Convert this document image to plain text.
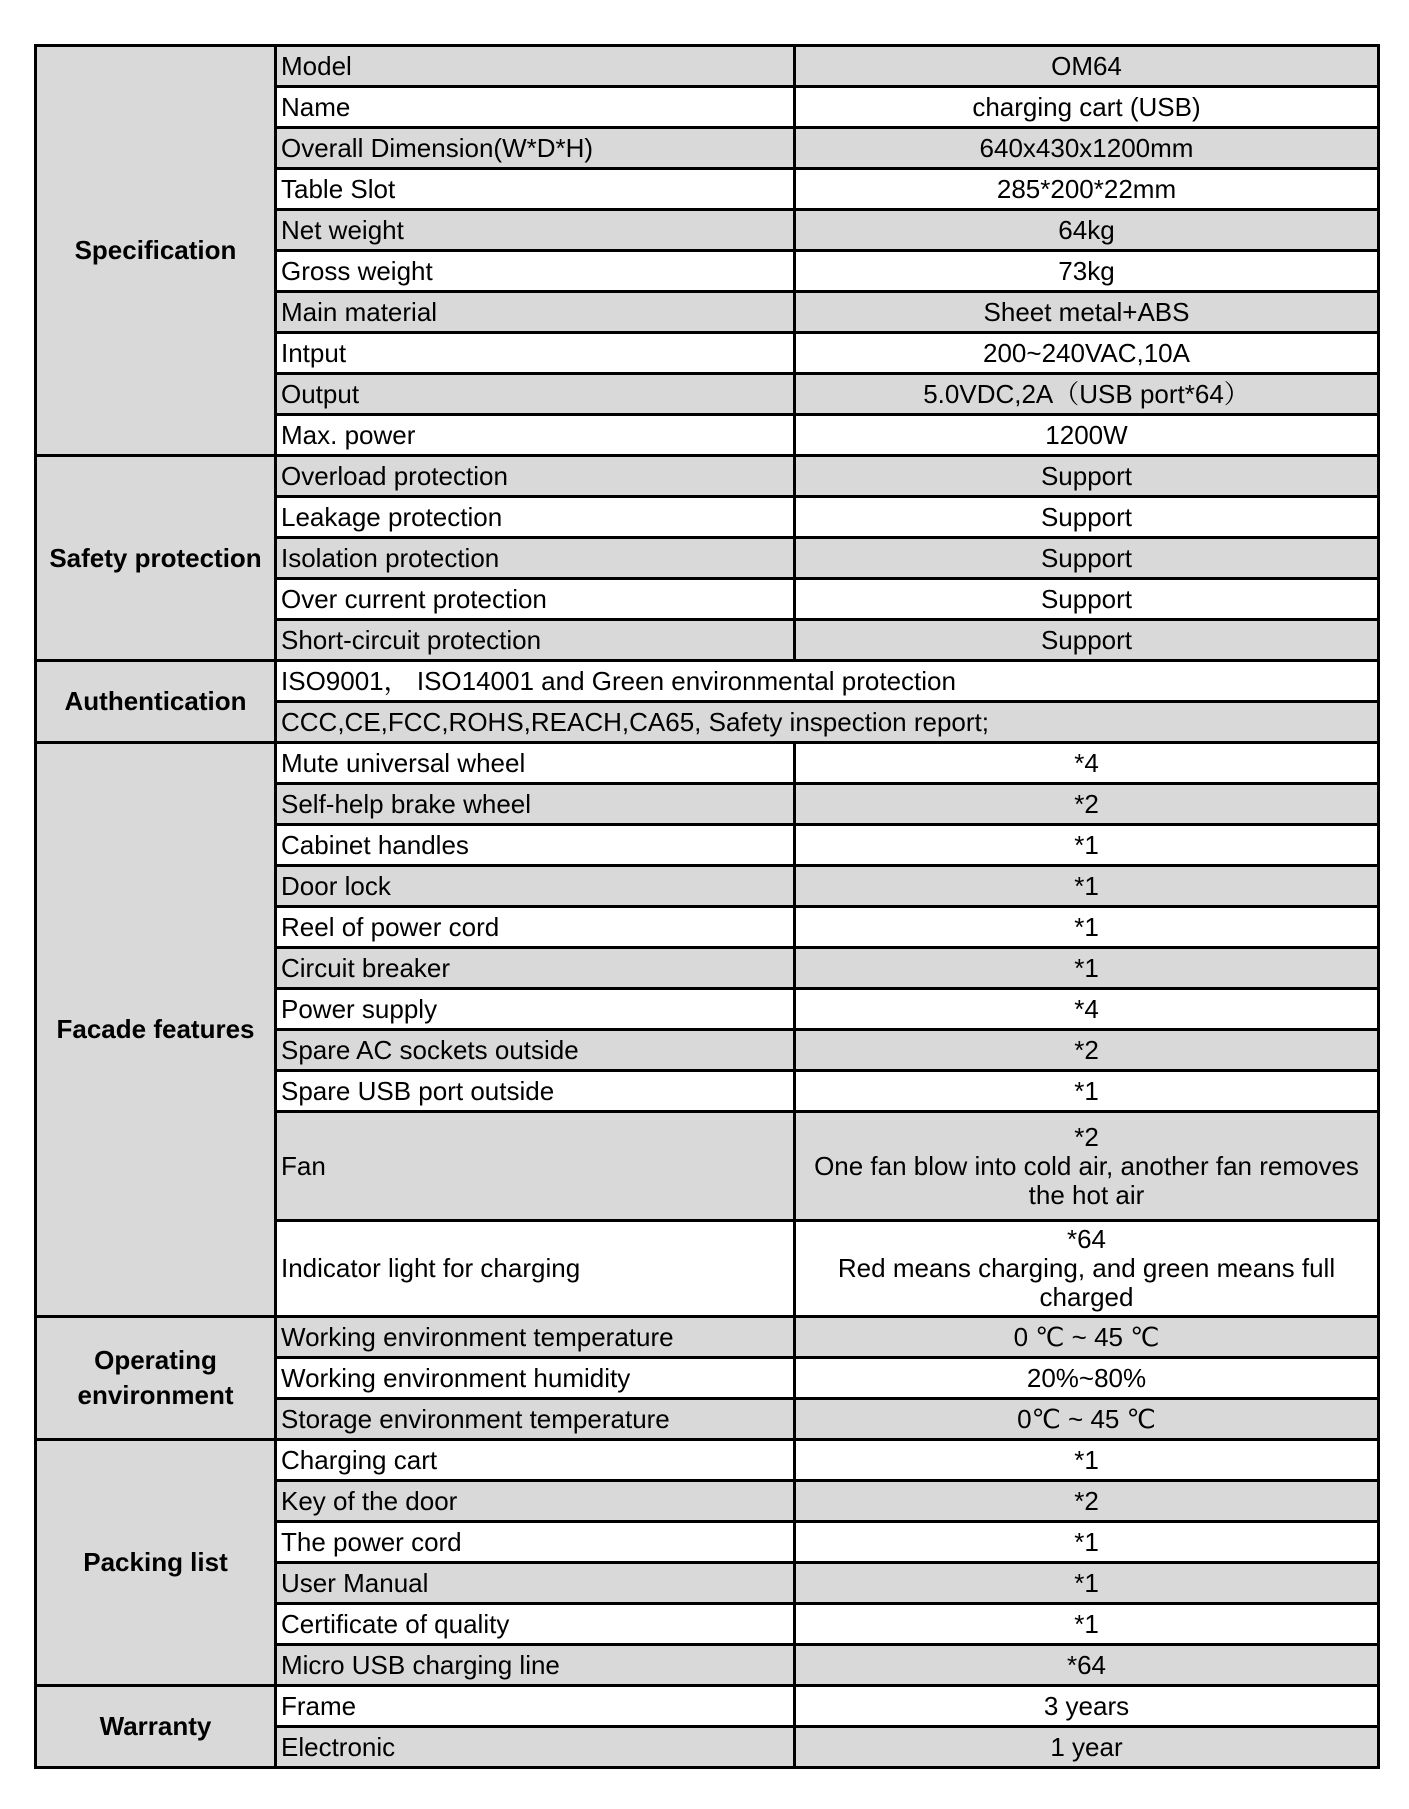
Specification	Model	OM64
	Name	charging cart (USB)
	Overall Dimension(W*D*H)	640x430x1200mm
	Table Slot	285*200*22mm
	Net weight	64kg
	Gross weight	73kg
	Main material	Sheet metal+ABS
	Intput	200~240VAC,10A
	Output	5.0VDC,2A（USB port*64）
	Max. power	1200W
Safety protection	Overload protection	Support
	Leakage protection	Support
	Isolation protection	Support
	Over current protection	Support
	Short-circuit protection	Support
Authentication	ISO9001， ISO14001 and Green environmental protection	
	CCC,CE,FCC,ROHS,REACH,CA65, Safety inspection report;	
Facade features	Mute universal wheel	*4
	Self-help brake wheel	*2
	Cabinet handles	*1
	Door lock	*1
	Reel of power cord	*1
	Circuit breaker	*1
	Power supply	*4
	Spare AC sockets outside	*2
	Spare USB port outside	*1
	Fan	*2
One fan blow into cold air, another fan removes the hot air

	Indicator light for charging	*64
Red means charging, and green means full charged

Operating environment	Working environment temperature	0 ℃ ~ 45 ℃
	Working environment humidity	20%~80%
	Storage environment temperature	0℃ ~ 45 ℃
Packing list	Charging cart	*1
	Key of the door	*2
	The power cord	*1
	User Manual	*1
	Certificate of quality	*1
	Micro USB charging line	*64
Warranty	Frame	3 years
	Electronic	1 year
